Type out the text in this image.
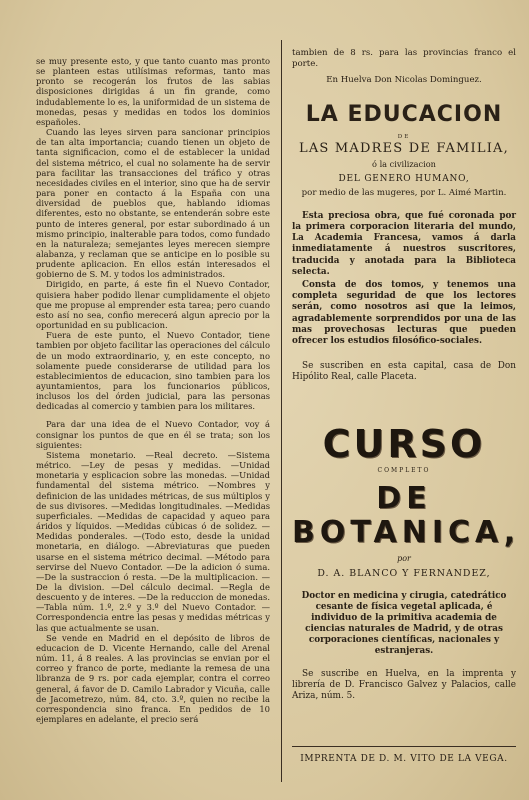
se muy presente esto, y que tanto cuanto mas pronto se planteen estas utilísimas reformas, tanto mas pronto se recogerán los frutos de las sabias disposiciones dirigidas á un fin grande, como indudablemente lo es, la uniformidad de un sistema de monedas, pesas y medidas en todos los dominios españoles.

Cuando las leyes sirven para sancionar principios de tan alta importancia; cuando tienen un objeto de tanta significacion, como el de establecer la unidad del sistema métrico, el cual no solamente ha de servir para facilitar las transacciones del tráfico y otras necesidades civiles en el interior, sino que ha de servir para poner en contacto á la España con una diversidad de pueblos que, hablando idiomas diferentes, esto no obstante, se entenderán sobre este punto de interes general, por estar subordinado á un mismo principio, inalterable para todos, como fundado en la naturaleza; semejantes leyes merecen siempre alabanza, y reclaman que se anticipe en lo posible su prudente aplicacion. En ellos están interesados el gobierno de S. M. y todos los administrados.

Dirigido, en parte, á este fin el Nuevo Contador, quisiera haber podido llenar cumplidamente el objeto que me propuse al emprender esta tarea; pero cuando esto así no sea, confio merecerá algun aprecio por la oportunidad en su publicacion.

Fuera de este punto, el Nuevo Contador, tiene tambien por objeto facilitar las operaciones del cálculo de un modo extraordinario, y, en este concepto, no solamente puede considerarse de utilidad para los establecimientos de educacion, sino tambien para los ayuntamientos, para los funcionarios públicos, inclusos los del órden judicial, para las personas dedicadas al comercio y tambien para los militares.

Para dar una idea de el Nuevo Contador, voy á consignar los puntos de que en él se trata; son los siguientes:

Sistema monetario. —Real decreto. —Sistema métrico. —Ley de pesas y medidas. —Unidad monetaria y esplicacion sobre las monedas. —Unidad fundamental del sistema métrico. —Nombres y definicion de las unidades métricas, de sus múltiplos y de sus divisores. —Medidas longitudinales. —Medidas superficiales. —Medidas de capacidad y aqueo para áridos y líquidos. —Medidas cúbicas ó de solidez. —Medidas ponderales. —(Todo esto, desde la unidad monetaria, en diálogo. —Abreviaturas que pueden usarse en el sistema métrico decimal. —Método para servirse del Nuevo Contador. —De la adicion ó suma. —De la sustraccion ó resta. —De la multiplicacion. —De la division. —Del cálculo decimal. —Regla de descuento y de interes. —De la reduccion de monedas. —Tabla núm. 1.º, 2.º y 3.º del Nuevo Contador. —Correspondencia entre las pesas y medidas métricas y las que actualmente se usan.

Se vende en Madrid en el depósito de libros de educacion de D. Vicente Hernando, calle del Arenal núm. 11, á 8 reales. A las provincias se envian por el correo y franco de porte, mediante la remesa de una libranza de 9 rs. por cada ejemplar, contra el correo general, á favor de D. Camilo Labrador y Vicuña, calle de Jacometrezo, núm. 84, cto. 3.º, quien no recibe la correspondencia sino franca. En pedidos de 10 ejemplares en adelante, el precio será

tambien de 8 rs. para las provincias franco el porte.

En Huelva Don Nicolas Dominguez.

LA EDUCACION
DE
LAS MADRES DE FAMILIA,
ó la civilizacion
DEL GENERO HUMANO,
por medio de las mugeres, por L. Aimé Martin.

Esta preciosa obra, que fué coronada por la primera corporacion literaria del mundo, La Academia Francesa, vamos á darla inmediatamente á nuestros suscritores, traducida y anotada para la Biblioteca selecta.

Consta de dos tomos, y tenemos una completa seguridad de que los lectores serán, como nosotros asi que la leimos, agradablemente sorprendidos por una de las mas provechosas lecturas que pueden ofrecer los estudios filosófico-sociales.

Se suscriben en esta capital, casa de Don Hipólito Real, calle Placeta.

CURSO
COMPLETO
DE BOTANICA,
por
D. A. BLANCO Y FERNANDEZ,

Doctor en medicina y cirugia, catedrático cesante de física vegetal aplicada, é individuo de la primitiva academia de ciencias naturales de Madrid, y de otras corporaciones científicas, nacionales y estranjeras.

Se suscribe en Huelva, en la imprenta y librería de D. Francisco Galvez y Palacios, calle Ariza, núm. 5.

IMPRENTA DE D. M. VITO DE LA VEGA.
